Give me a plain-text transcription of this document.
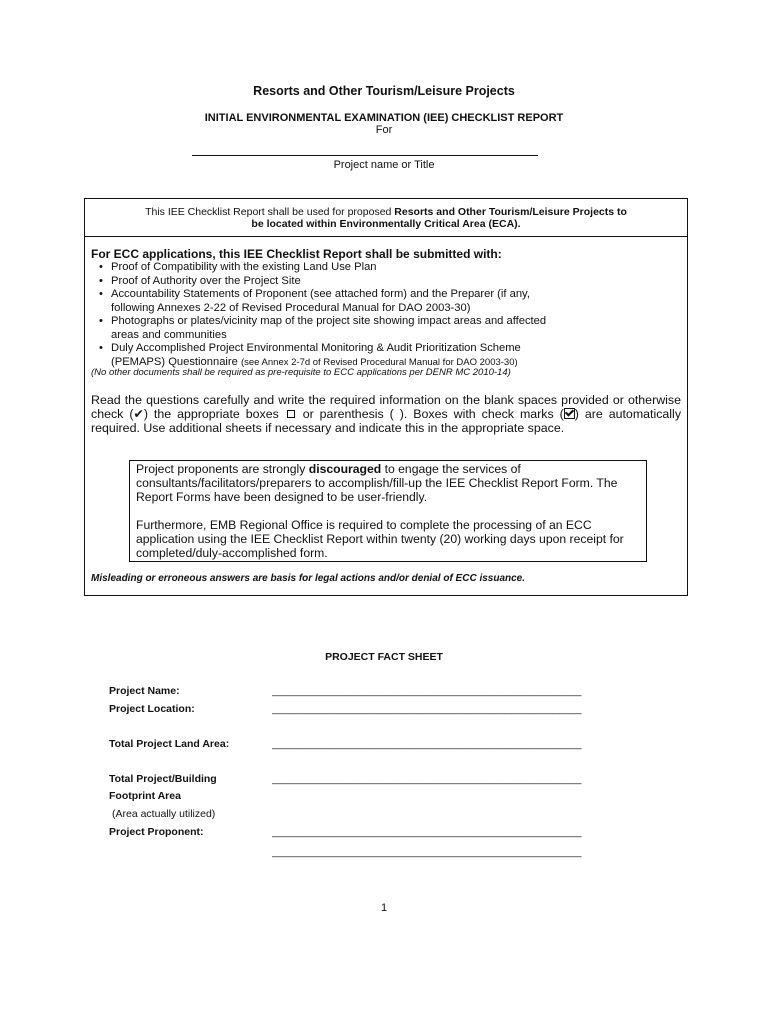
Resorts and Other Tourism/Leisure Projects
INITIAL ENVIRONMENTAL EXAMINATION (IEE) CHECKLIST REPORT
For
Project name or Title
This IEE Checklist Report shall be used for proposed Resorts and Other Tourism/Leisure Projects to
be located within Environmentally Critical Area (ECA).
For ECC applications, this IEE Checklist Report shall be submitted with:
• Proof of Compatibility with the existing Land Use Plan
• Proof of Authority over the Project Site
• Accountability Statements of Proponent (see attached form) and the Preparer (if any,
following Annexes 2-22 of Revised Procedural Manual for DAO 2003-30)
• Photographs or plates/vicinity map of the project site showing impact areas and affected
areas and communities
• Duly Accomplished Project Environmental Monitoring & Audit Prioritization Scheme
(PEMAPS) Questionnaire (see Annex 2-7d of Revised Procedural Manual for DAO 2003-30)
(No other documents shall be required as pre-requisite to ECC applications per DENR MC 2010-14)
Read the questions carefully and write the required information on the blank spaces provided or otherwise check (✔) the appropriate boxes  or parenthesis ( ). Boxes with check marks ( ) are automatically required. Use additional sheets if necessary and indicate this in the appropriate space.

Project proponents are strongly discouraged to engage the services of consultants/facilitators/preparers to accomplish/fill-up the IEE Checklist Report Form. The Report Forms have been designed to be user-friendly.

Furthermore, EMB Regional Office is required to complete the processing of an ECC application using the IEE Checklist Report within twenty (20) working days upon receipt for completed/duly-accomplished form.

Misleading or erroneous answers are basis for legal actions and/or denial of ECC issuance.
PROJECT FACT SHEET
Project Name:	_____________________________________________________
Project Location:	_____________________________________________________
Total Project Land Area:	_____________________________________________________
Total Project/Building	_____________________________________________________
Footprint Area
(Area actually utilized)
Project Proponent:	_____________________________________________________
_____________________________________________________
1
